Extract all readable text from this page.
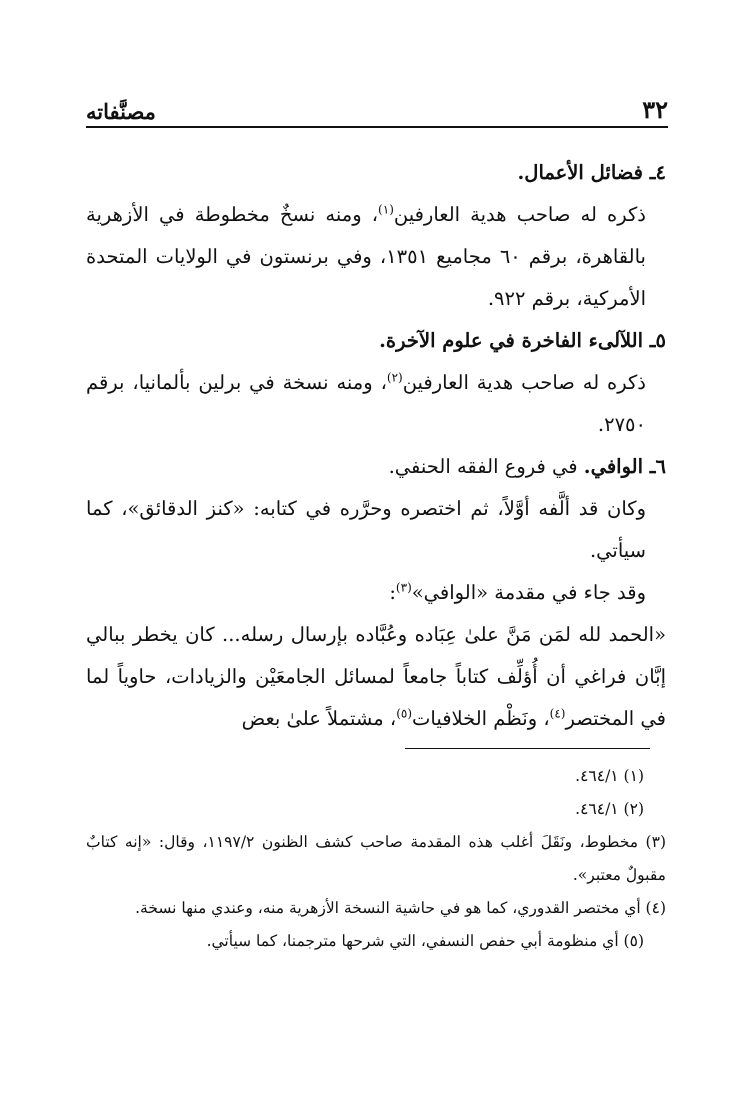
٣٢
مصنَّفاته

٤ـ فضائل الأعمال.

ذكره له صاحب هدية العارفين$^{(١)}$، ومنه نسخٌ مخطوطة في الأزهرية بالقاهرة، برقم ٦٠ مجاميع ١٣٥١، وفي برنستون في الولايات المتحدة الأمركية، برقم ٩٢٢.

٥ـ اللآلىء الفاخرة في علوم الآخرة.

ذكره له صاحب هدية العارفين$^{(٢)}$، ومنه نسخة في برلين بألمانيا، برقم ٢٧٥٠.

٦ـ الوافي. في فروع الفقه الحنفي.

وكان قد ألَّفه أوَّلاً، ثم اختصره وحرَّره في كتابه: «كنز الدقائق»، كما سيأتي.

وقد جاء في مقدمة «الوافي»$^{(٣)}$:

«الحمد لله لمَن مَنَّ علىٰ عِبَاده وعُبَّاده بإرسال رسله... كان يخطر ببالي إبَّان فراغي أن أُؤلِّف كتاباً جامعاً لمسائل الجامعَيْن والزيادات، حاوياً لما في المختصر$^{(٤)}$، ونَظْم الخلافيات$^{(٥)}$، مشتملاً علىٰ بعض

(١) ٤٦٤/١.

(٢) ٤٦٤/١.

(٣) مخطوط، ونَقَلَ أغلب هذه المقدمة صاحب كشف الظنون ١١٩٧/٢، وقال: «إنه كتابٌ مقبولٌ معتبر».

(٤) أي مختصر القدوري، كما هو في حاشية النسخة الأزهرية منه، وعندي منها نسخة.

(٥) أي منظومة أبي حفص النسفي، التي شرحها مترجمنا، كما سيأتي.
